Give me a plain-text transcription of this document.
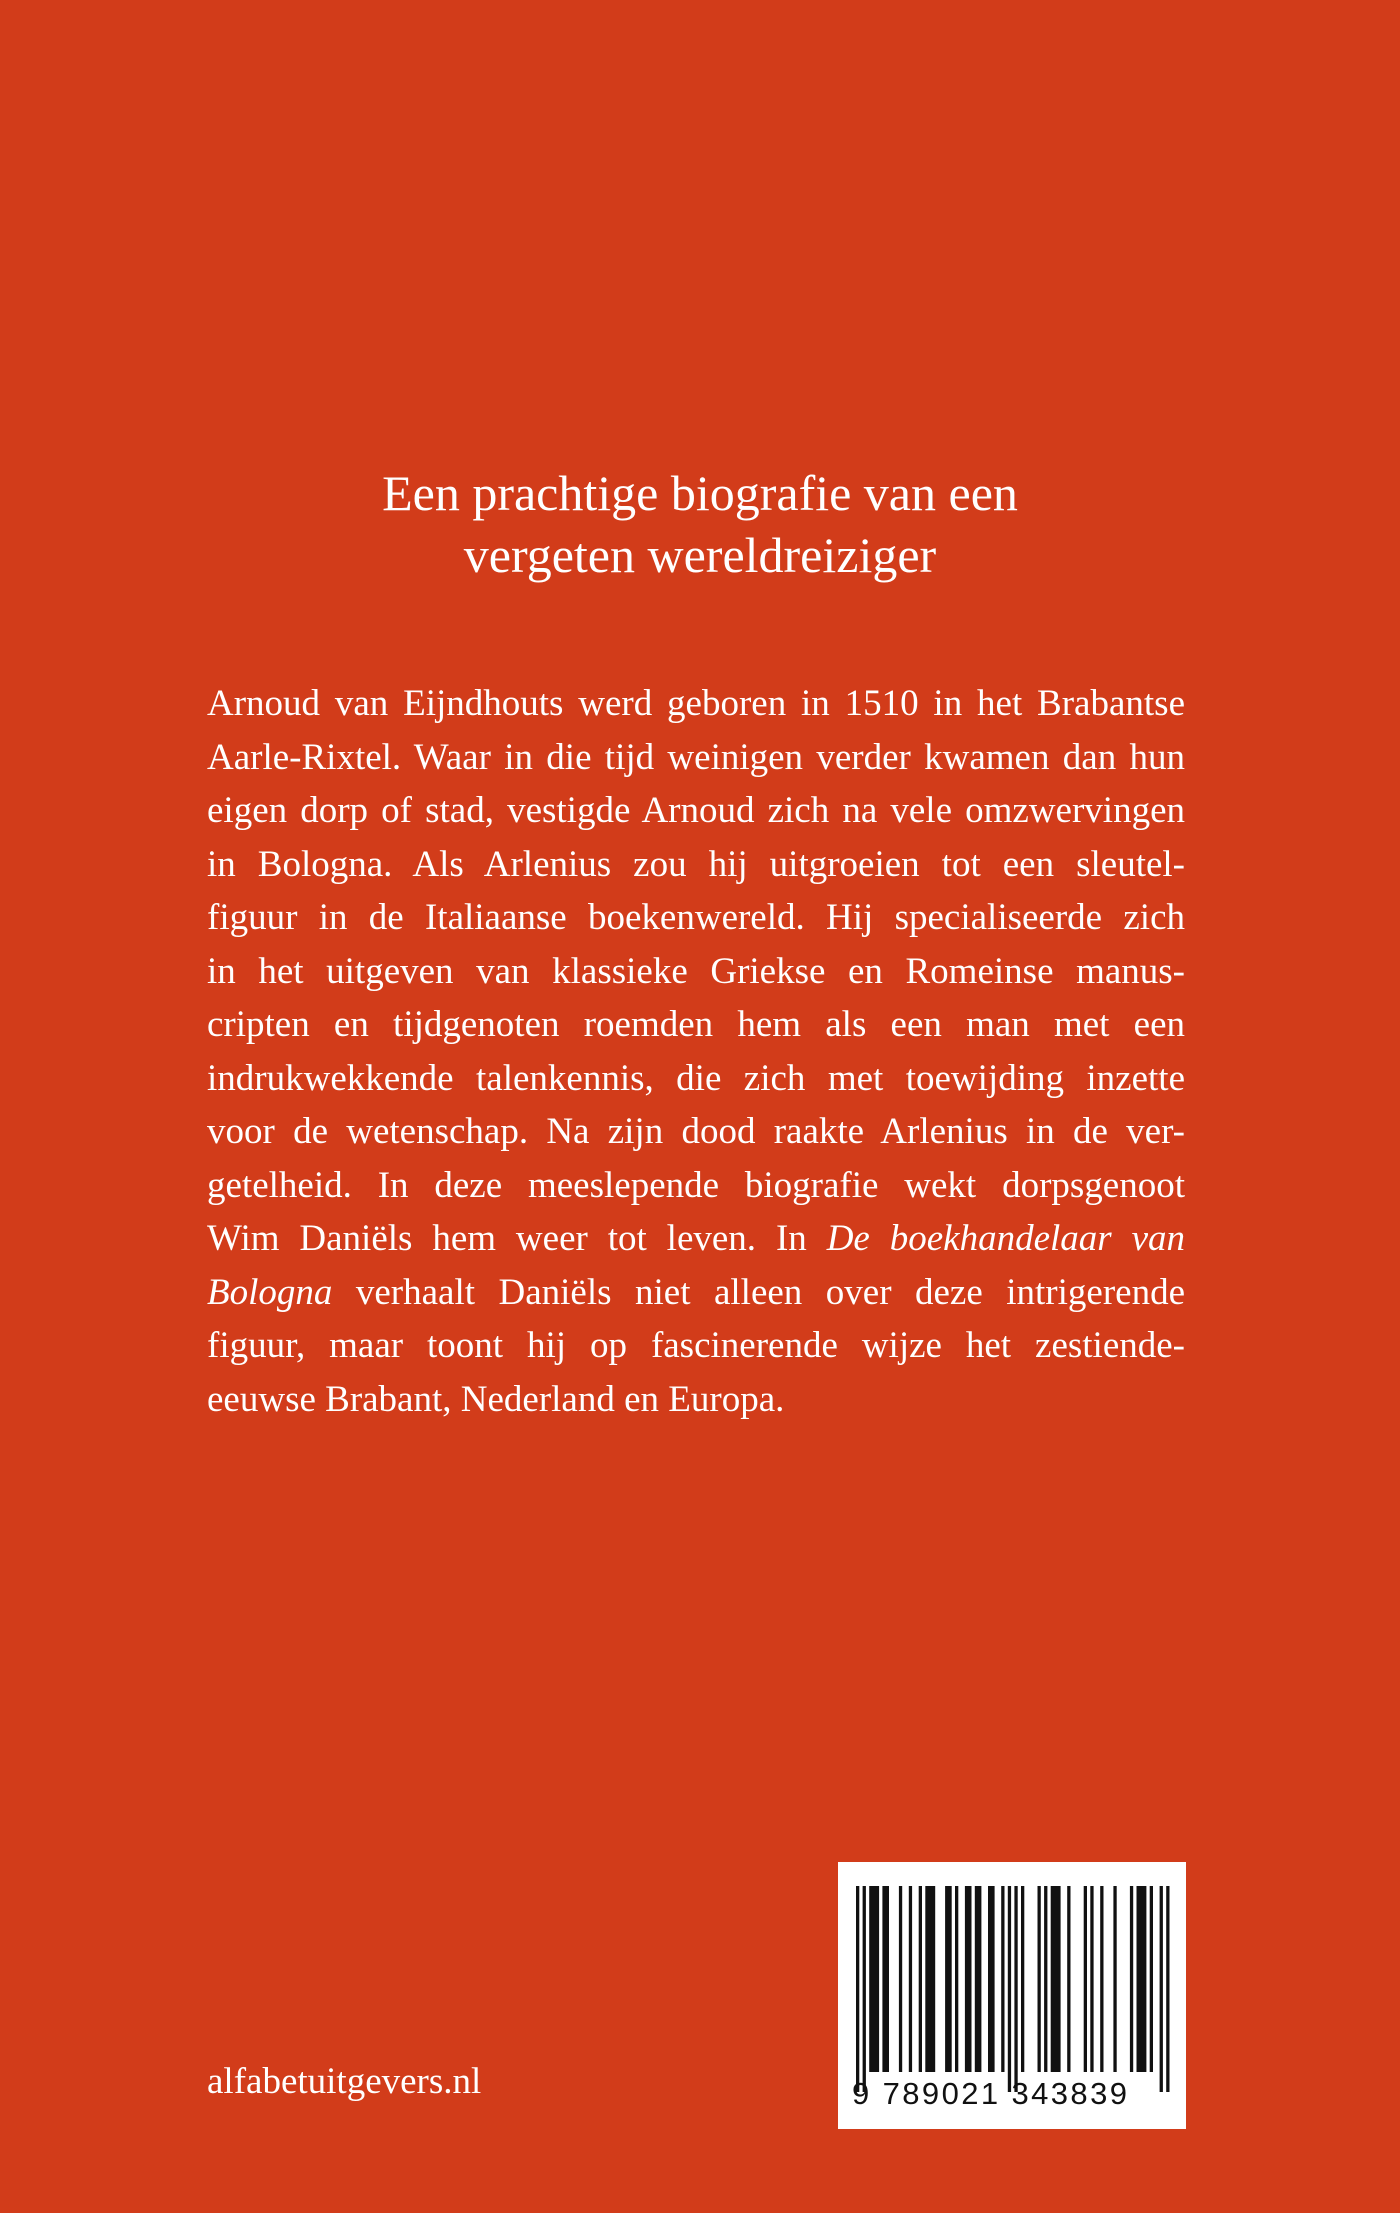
Een prachtige biografie van een
vergeten wereldreiziger
Arnoud van Eijndhouts werd geboren in 1510 in het Brabantse
Aarle-Rixtel. Waar in die tijd weinigen verder kwamen dan hun
eigen dorp of stad, vestigde Arnoud zich na vele omzwervingen
in Bologna. Als Arlenius zou hij uitgroeien tot een sleutel-
figuur in de Italiaanse boekenwereld. Hij specialiseerde zich
in het uitgeven van klassieke Griekse en Romeinse manus-
cripten en tijdgenoten roemden hem als een man met een
indrukwekkende talenkennis, die zich met toewijding inzette
voor de wetenschap. Na zijn dood raakte Arlenius in de ver-
getelheid. In deze meeslepende biografie wekt dorpsgenoot
Wim Daniëls hem weer tot leven. In De boekhandelaar van
Bologna verhaalt Daniëls niet alleen over deze intrigerende
figuur, maar toont hij op fascinerende wijze het zestiende-
eeuwse Brabant, Nederland en Europa.
alfabetuitgevers.nl	9 789021 343839
